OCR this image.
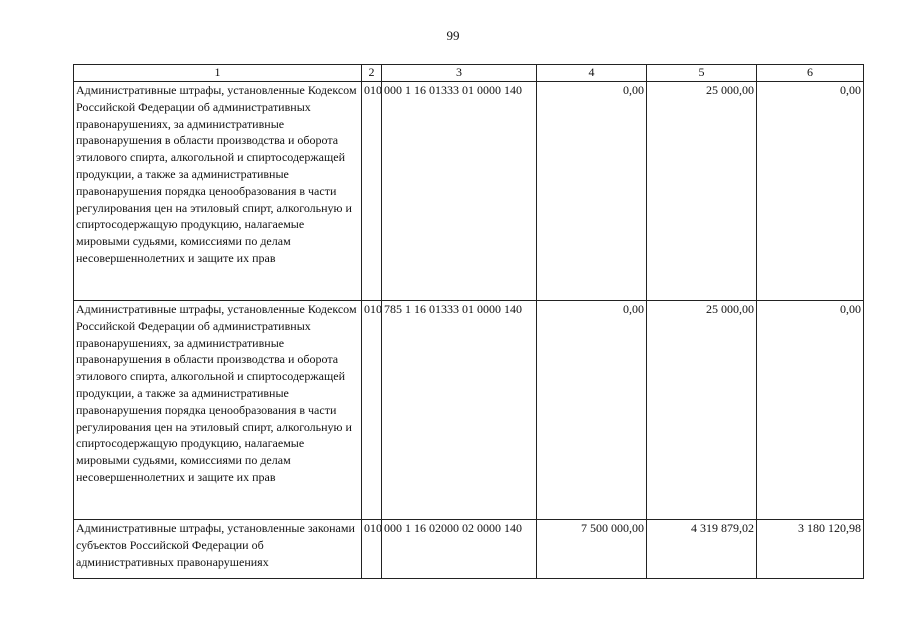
99
1	2	3	4	5	6
Административные штрафы, установленные Кодексом Российской Федерации об административных правонарушениях, за административные правонарушения в области производства и оборота этилового спирта, алкогольной и спиртосодержащей продукции, а также за административные правонарушения порядка ценообразования в части регулирования цен на этиловый спирт, алкогольную и спиртосодержащую продукцию, налагаемые мировыми судьями, комиссиями по делам несовершеннолетних и защите их прав	010	000 1 16 01333 01 0000 140	0,00	25 000,00	0,00
Административные штрафы, установленные Кодексом Российской Федерации об административных правонарушениях, за административные правонарушения в области производства и оборота этилового спирта, алкогольной и спиртосодержащей продукции, а также за административные правонарушения порядка ценообразования в части регулирования цен на этиловый спирт, алкогольную и спиртосодержащую продукцию, налагаемые мировыми судьями, комиссиями по делам несовершеннолетних и защите их прав	010	785 1 16 01333 01 0000 140	0,00	25 000,00	0,00
Административные штрафы, установленные законами субъектов Российской Федерации об административных правонарушениях	010	000 1 16 02000 02 0000 140	7 500 000,00	4 319 879,02	3 180 120,98
